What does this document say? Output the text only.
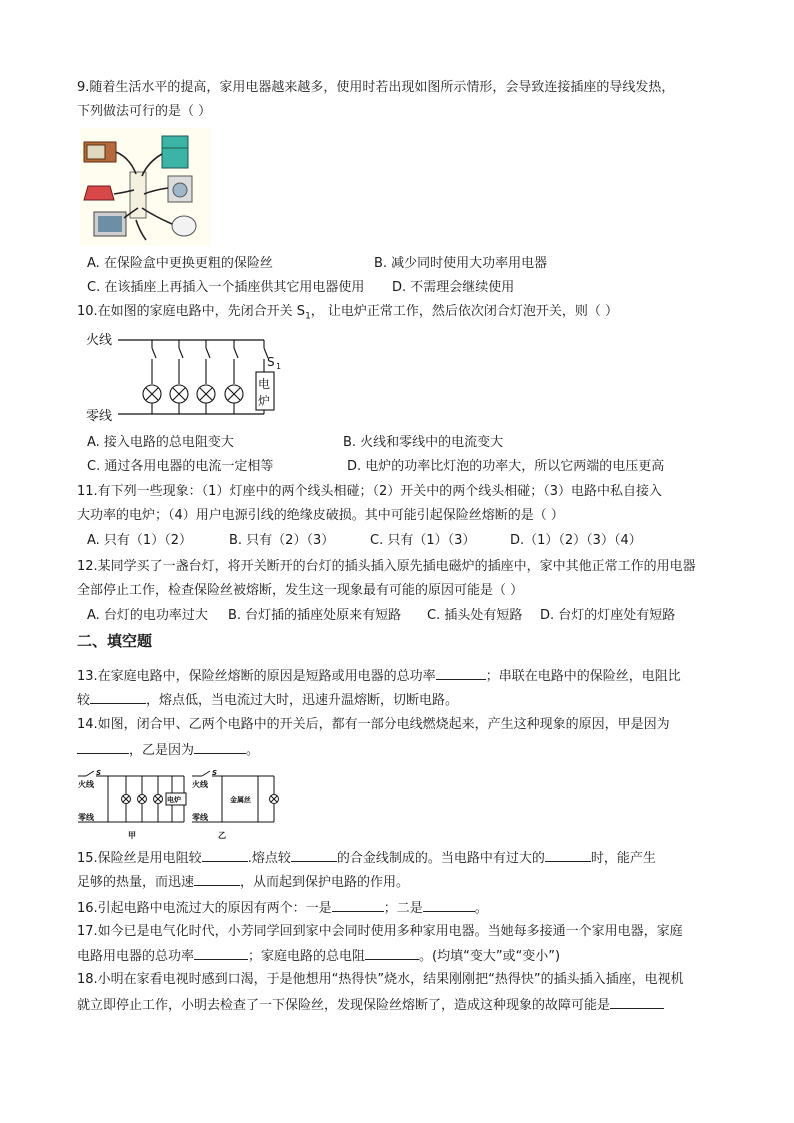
9.随着生活水平的提高，家用电器越来越多，使用时若出现如图所示情形，会导致连接插座的导线发热，
下列做法可行的是（ ）
A. 在保险盒中更换更粗的保险丝	B. 减少同时使用大功率用电器
C. 在该插座上再插入一个插座供其它用电器使用 D. 不需理会继续使用
10.在如图的家庭电路中，先闭合开关 $S_1$， 让电炉正常工作，然后依次闭合灯泡开关，则（ ）
火线
零线
S 1
电
炉
A. 接入电路的总电阻变大	B. 火线和零线中的电流变大
C. 通过各用电器的电流一定相等	D. 电炉的功率比灯泡的功率大，所以它两端的电压更高
11.有下列一些现象：（1）灯座中的两个线头相碰；（2）开关中的两个线头相碰；（3）电路中私自接入
大功率的电炉；（4）用户电源引线的绝缘皮破损。其中可能引起保险丝熔断的是（ ）
A. 只有（1）（2）	B. 只有（2）（3）	C. 只有（1）（3）	D.（1）（2）（3）（4）
12.某同学买了一盏台灯，将开关断开的台灯的插头插入原先插电磁炉的插座中，家中其他正常工作的用电器
全部停止工作，检查保险丝被熔断，发生这一现象最有可能的原因可能是（ ）
A. 台灯的电功率过大 B. 台灯插的插座处原来有短路 C. 插头处有短路 D. 台灯的灯座处有短路
二、填空题
13.在家庭电路中，保险丝熔断的原因是短路或用电器的总功率	；串联在电路中的保险丝，电阻比
较	，熔点低，当电流过大时，迅速升温熔断，切断电路。
14.如图，闭合甲、乙两个电路中的开关后，都有一部分电线燃烧起来，产生这种现象的原因，甲是因为
，乙是因为	。
火线
零线
S
电炉
甲
火线
零线
S
金属丝
乙
15.保险丝是用电阻较	.熔点较	的合金线制成的。当电路中有过大的	时，能产生
足够的热量，而迅速	，从而起到保护电路的作用。
16.引起电路中电流过大的原因有两个：一是	；二是	。
17.如今已是电气化时代，小芳同学回到家中会同时使用多种家用电器。当她每多接通一个家用电器，家庭
电路用电器的总功率	；家庭电路的总电阻	。(均填“变大”或“变小”)
18.小明在家看电视时感到口渴，于是他想用“热得快”烧水，结果刚刚把“热得快”的插头插入插座，电视机
就立即停止工作，小明去检查了一下保险丝，发现保险丝熔断了，造成这种现象的故障可能是
